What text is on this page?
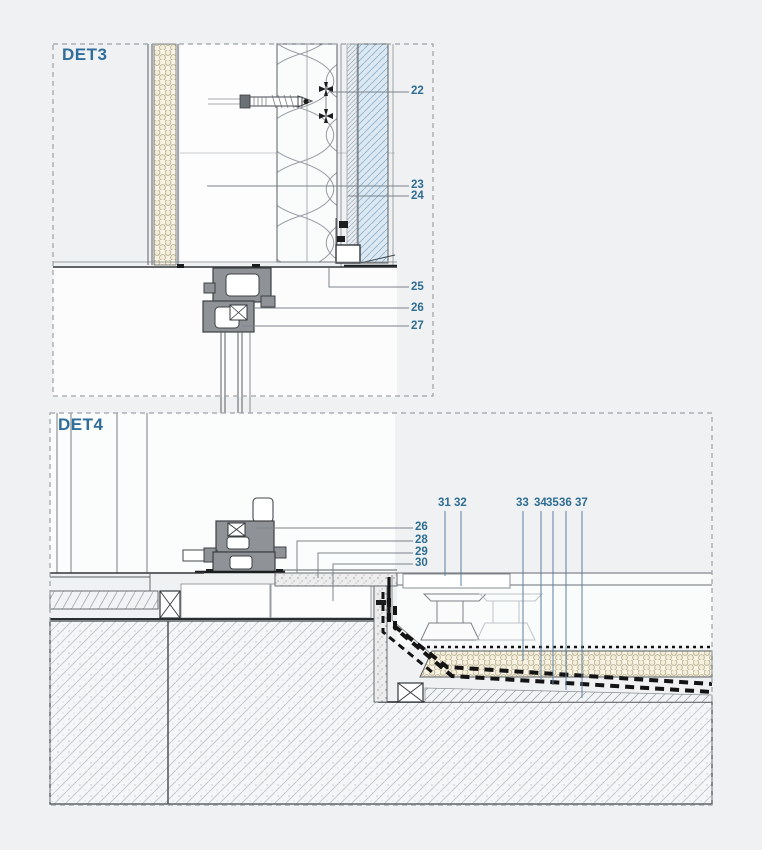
DET3
DET4
22
23
24
25
26
27
26
28
29
30
31 32	33 34 35 36 37
